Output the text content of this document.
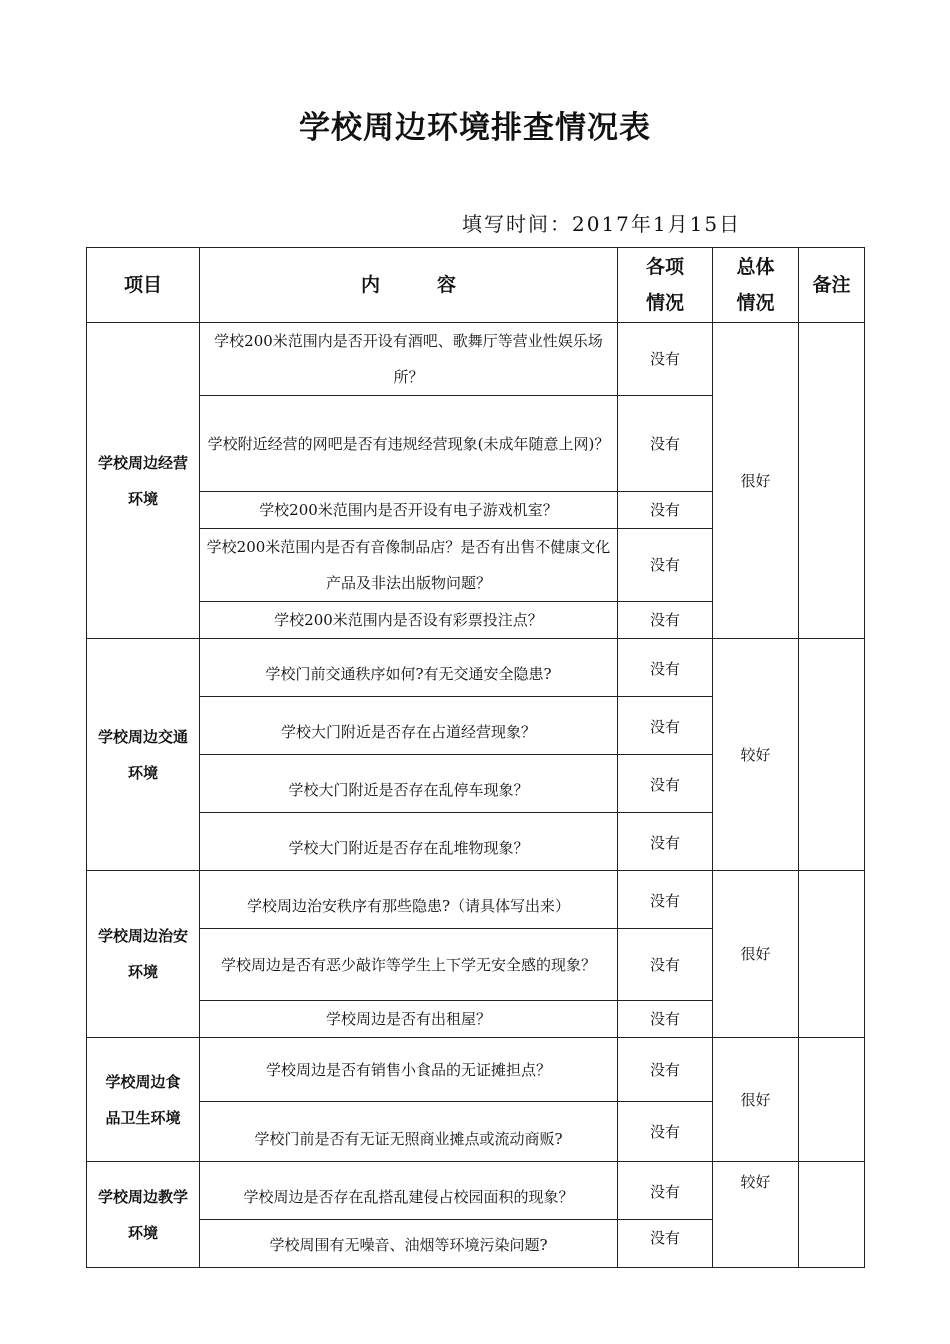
学校周边环境排查情况表
填写时间：2017年1月15日
项目	内　　　容	各项情况	总体情况	备注
学校周边经营环境	学校200米范围内是否开设有酒吧、歌舞厅等营业性娱乐场所？	没有	很好	
	学校附近经营的网吧是否有违规经营现象(未成年随意上网)？	没有		
	学校200米范围内是否开设有电子游戏机室？	没有		
	学校200米范围内是否有音像制品店？是否有出售不健康文化产品及非法出版物问题？	没有		
	学校200米范围内是否设有彩票投注点？	没有		
学校周边交通环境	学校门前交通秩序如何?有无交通安全隐患?	没有	较好	
	学校大门附近是否存在占道经营现象？	没有		
	学校大门附近是否存在乱停车现象？	没有		
	学校大门附近是否存在乱堆物现象？	没有		
学校周边治安环境	学校周边治安秩序有那些隐患?（请具体写出来）	没有	很好	
	学校周边是否有恶少敲诈等学生上下学无安全感的现象？	没有		
	学校周边是否有出租屋？	没有		
学校周边食品卫生环境	学校周边是否有销售小食品的无证摊担点？	没有	很好	
	学校门前是否有无证无照商业摊点或流动商贩?	没有		
学校周边教学环境	学校周边是否存在乱搭乱建侵占校园面积的现象？	没有	较好	
	学校周围有无噪音、油烟等环境污染问题?	没有		
